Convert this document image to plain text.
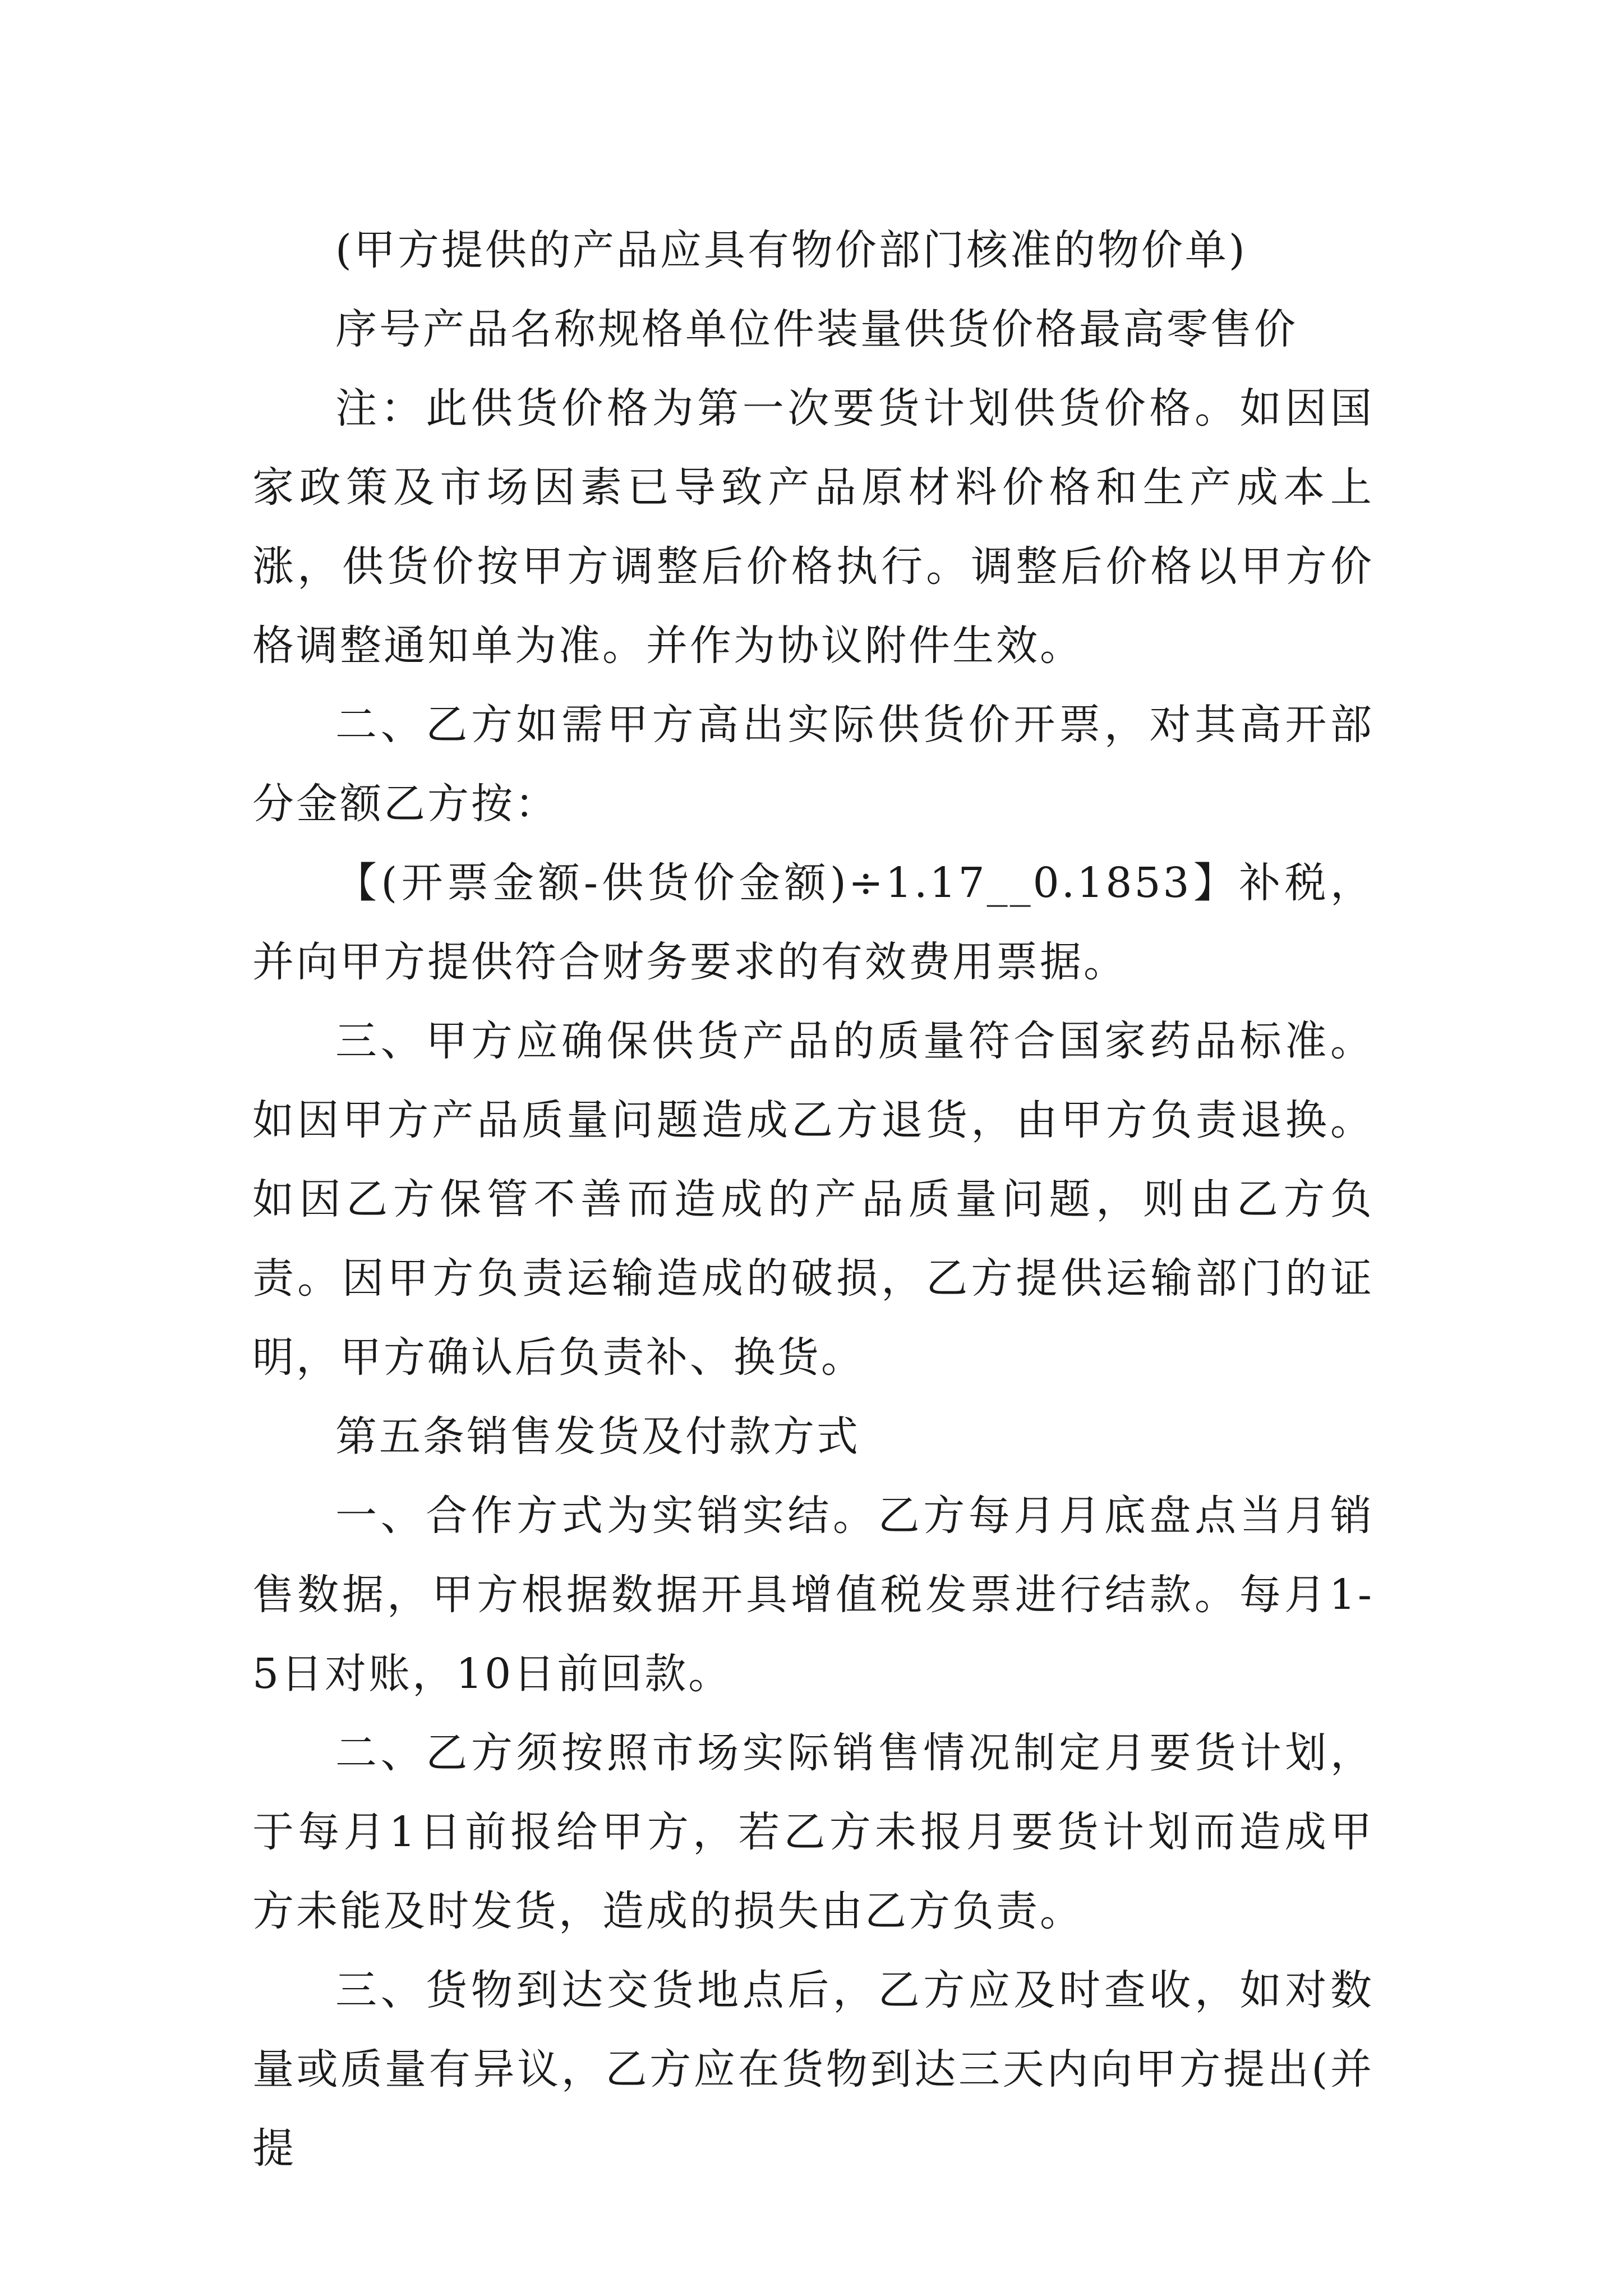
(甲方提供的产品应具有物价部门核准的物价单)

序号产品名称规格单位件装量供货价格最高零售价

注：此供货价格为第一次要货计划供货价格。如因国家政策及市场因素已导致产品原材料价格和生产成本上涨，供货价按甲方调整后价格执行。调整后价格以甲方价格调整通知单为准。并作为协议附件生效。

二、乙方如需甲方高出实际供货价开票，对其高开部分金额乙方按：

【(开票金额-供货价金额)÷1.17__0.1853】补税，并向甲方提供符合财务要求的有效费用票据。

三、甲方应确保供货产品的质量符合国家药品标准。如因甲方产品质量问题造成乙方退货，由甲方负责退换。如因乙方保管不善而造成的产品质量问题，则由乙方负责。因甲方负责运输造成的破损，乙方提供运输部门的证明，甲方确认后负责补、换货。

第五条销售发货及付款方式

一、合作方式为实销实结。乙方每月月底盘点当月销售数据，甲方根据数据开具增值税发票进行结款。每月1-5日对账，10日前回款。

二、乙方须按照市场实际销售情况制定月要货计划，于每月1日前报给甲方，若乙方未报月要货计划而造成甲方未能及时发货，造成的损失由乙方负责。

三、货物到达交货地点后，乙方应及时查收，如对数量或质量有异议，乙方应在货物到达三天内向甲方提出(并提
